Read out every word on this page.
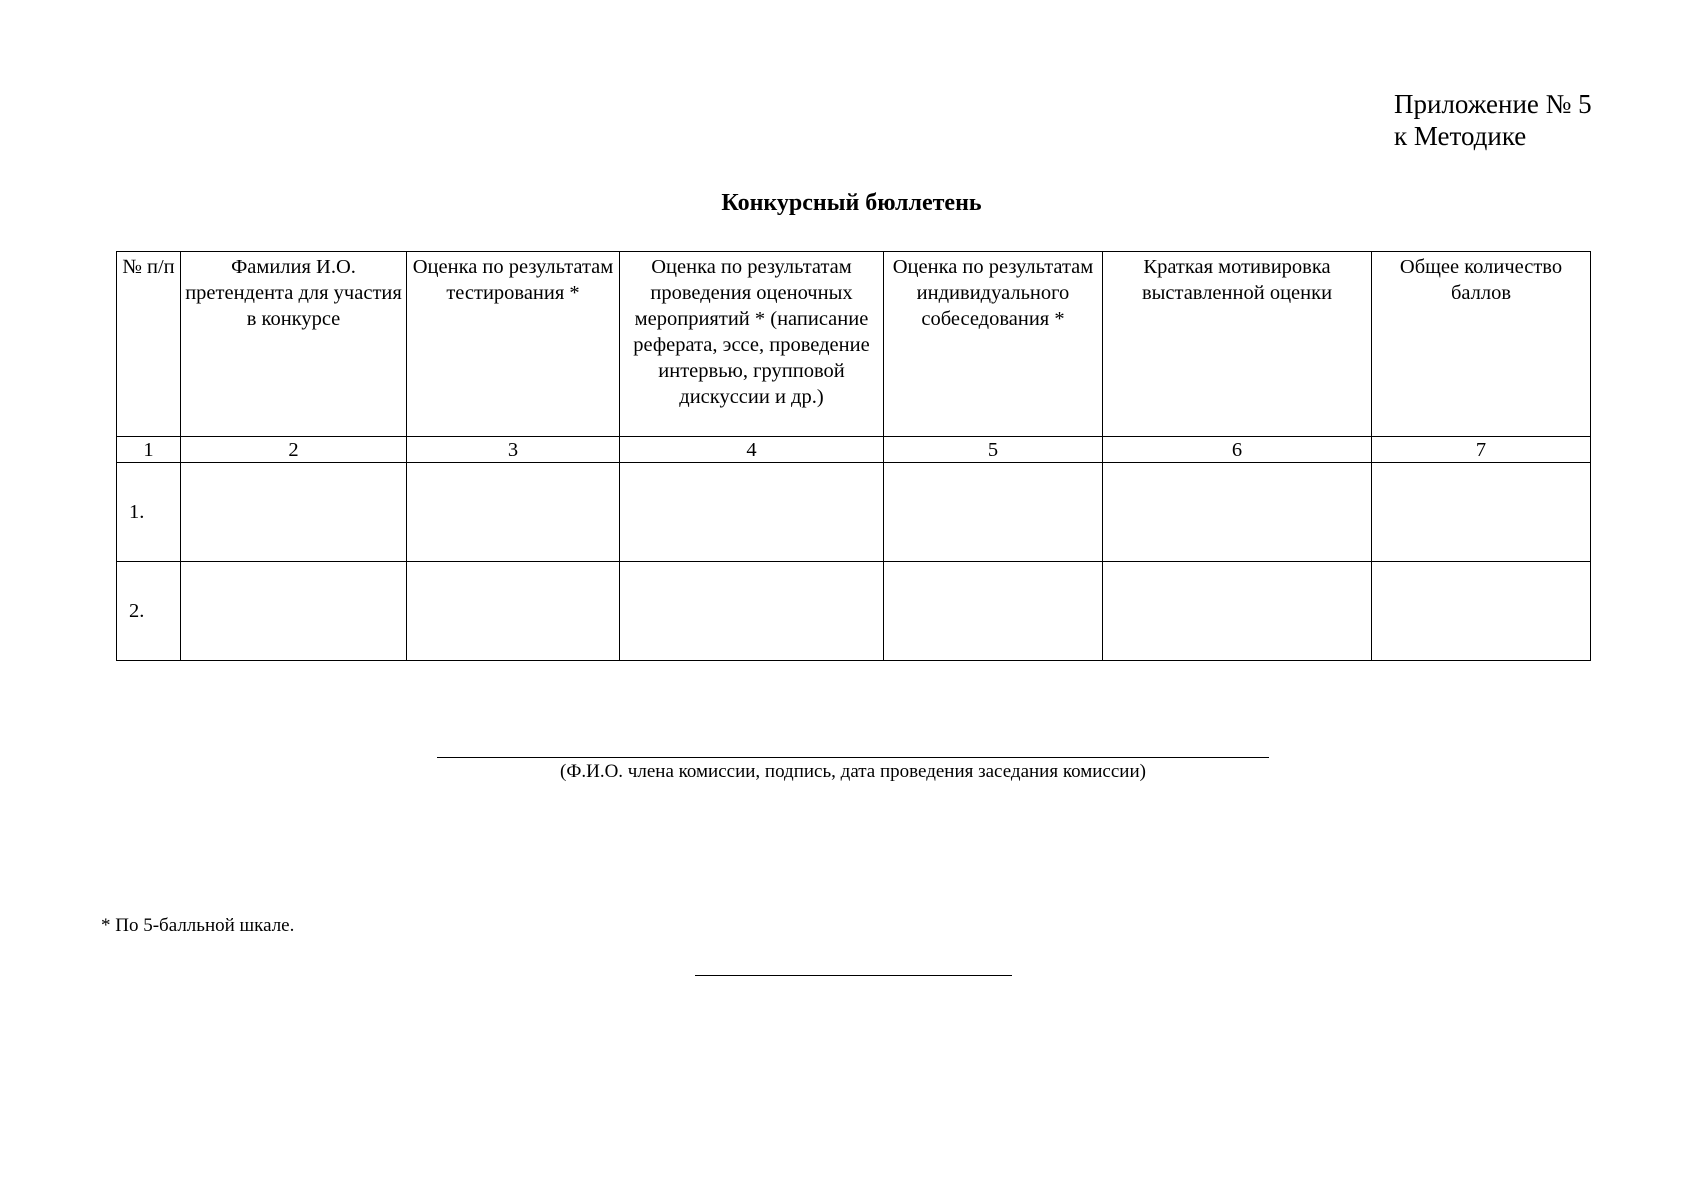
Приложение № 5
к Методике
Конкурсный бюллетень
№ п/п	Фамилия И.О. претендента для участия в конкурсе	Оценка по результатам тестирования *	Оценка по результатам проведения оценочных мероприятий * (написание реферата, эссе, проведение интервью, групповой дискуссии и др.)	Оценка по результатам индивидуального собеседования *	Краткая мотивировка выставленной оценки	Общее количество баллов
1	2	3	4	5	6	7
1.						
2.						
(Ф.И.О. члена комиссии, подпись, дата проведения заседания комиссии)
* По 5-балльной шкале.
